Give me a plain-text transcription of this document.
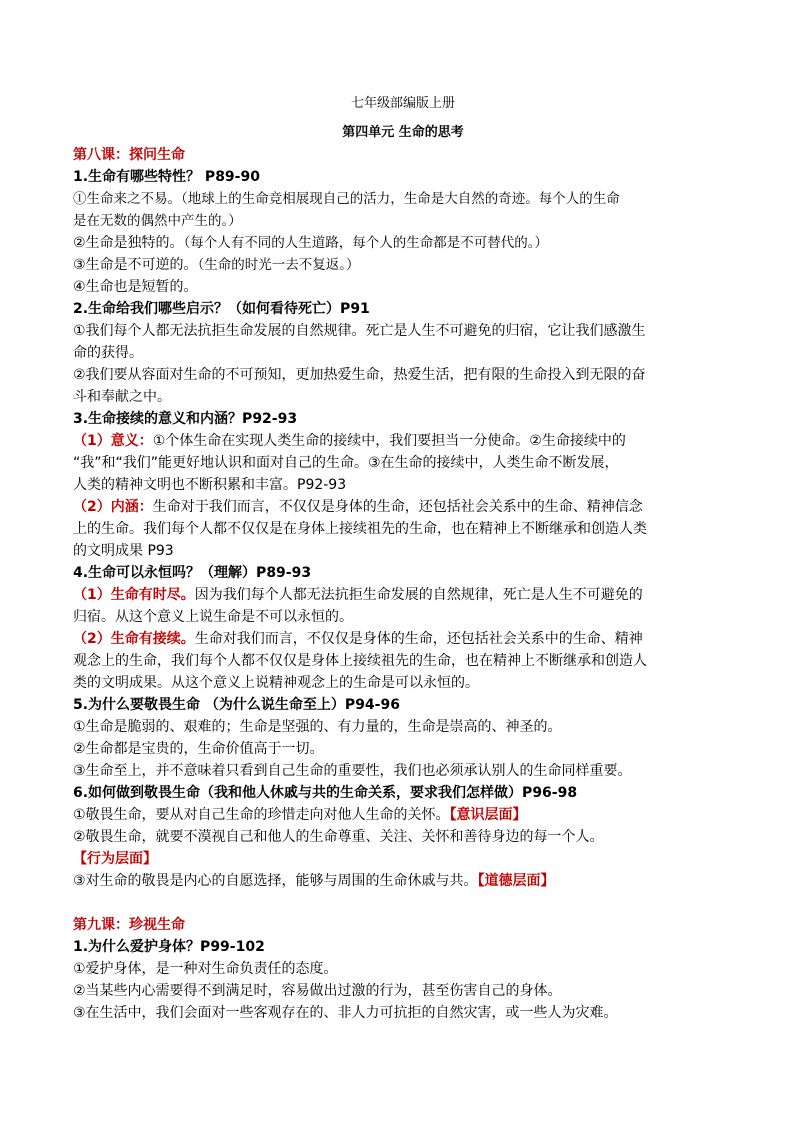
七年级部编版上册
第四单元 生命的思考
第八课：探问生命
1.生命有哪些特性？ P89-90
①生命来之不易。（地球上的生命竞相展现自己的活力，生命是大自然的奇迹。每个人的生命
是在无数的偶然中产生的。）
②生命是独特的。（每个人有不同的人生道路，每个人的生命都是不可替代的。）
③生命是不可逆的。（生命的时光一去不复返。）
④生命也是短暂的。
2.生命给我们哪些启示？（如何看待死亡）P91
①我们每个人都无法抗拒生命发展的自然规律。死亡是人生不可避免的归宿，它让我们感激生
命的获得。
②我们要从容面对生命的不可预知，更加热爱生命，热爱生活，把有限的生命投入到无限的奋
斗和奉献之中。
3.生命接续的意义和内涵？P92-93
（1）意义：①个体生命在实现人类生命的接续中，我们要担当一分使命。②生命接续中的
“我”和“我们”能更好地认识和面对自己的生命。③在生命的接续中，人类生命不断发展，
人类的精神文明也不断积累和丰富。P92-93
（2）内涵：生命对于我们而言，不仅仅是身体的生命，还包括社会关系中的生命、精神信念
上的生命。我们每个人都不仅仅是在身体上接续祖先的生命，也在精神上不断继承和创造人类
的文明成果 P93
4.生命可以永恒吗？（理解）P89-93
（1）生命有时尽。因为我们每个人都无法抗拒生命发展的自然规律，死亡是人生不可避免的
归宿。从这个意义上说生命是不可以永恒的。
（2）生命有接续。生命对我们而言，不仅仅是身体的生命，还包括社会关系中的生命、精神
观念上的生命，我们每个人都不仅仅是身体上接续祖先的生命，也在精神上不断继承和创造人
类的文明成果。从这个意义上说精神观念上的生命是可以永恒的。
5.为什么要敬畏生命 （为什么说生命至上）P94-96
①生命是脆弱的、艰难的；生命是坚强的、有力量的，生命是崇高的、神圣的。
②生命都是宝贵的，生命价值高于一切。
③生命至上，并不意味着只看到自己生命的重要性，我们也必须承认别人的生命同样重要。
6.如何做到敬畏生命（我和他人休戚与共的生命关系，要求我们怎样做）P96-98
①敬畏生命，要从对自己生命的珍惜走向对他人生命的关怀。【意识层面】
②敬畏生命，就要不漠视自己和他人的生命尊重、关注、关怀和善待身边的每一个人。
【行为层面】
③对生命的敬畏是内心的自愿选择，能够与周围的生命休戚与共。【道德层面】
第九课：珍视生命
1.为什么爱护身体？P99-102
①爱护身体，是一种对生命负责任的态度。
②当某些内心需要得不到满足时，容易做出过激的行为，甚至伤害自己的身体。
③在生活中，我们会面对一些客观存在的、非人力可抗拒的自然灾害，或一些人为灾难。
